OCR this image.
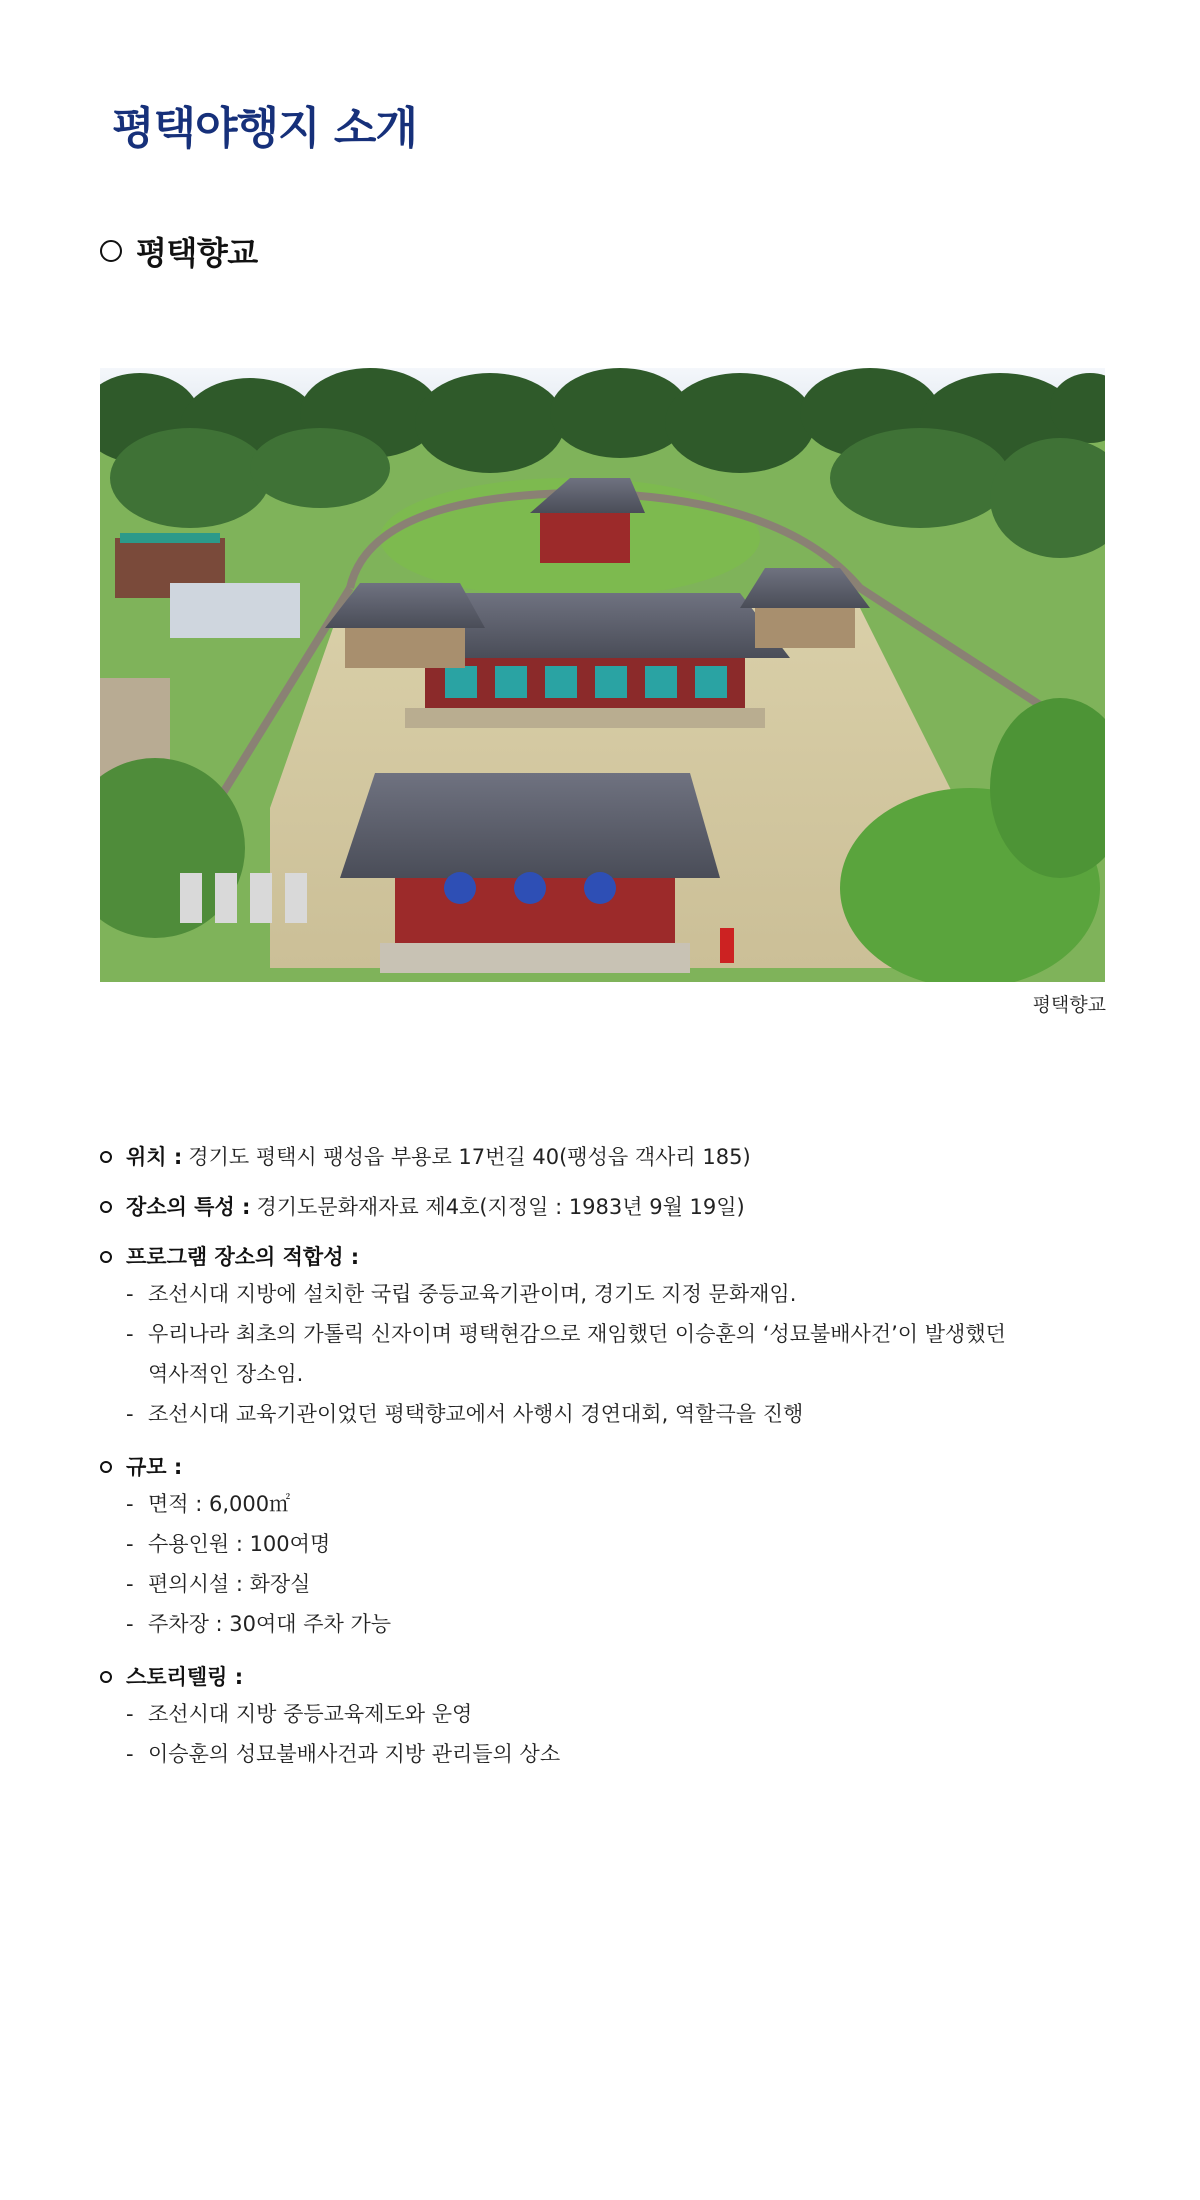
평택야행지 소개
평택향교
평택향교
위치 : 경기도 평택시 팽성읍 부용로 17번길 40(팽성읍 객사리 185)
장소의 특성 : 경기도문화재자료 제4호(지정일 : 1983년 9월 19일)
프로그램 장소의 적합성 :
- 조선시대 지방에 설치한 국립 중등교육기관이며, 경기도 지정 문화재임.
- 우리나라 최초의 가톨릭 신자이며 평택현감으로 재임했던 이승훈의 ‘성묘불배사건’이 발생했던
역사적인 장소임.
- 조선시대 교육기관이었던 평택향교에서 사행시 경연대회, 역할극을 진행
규모 :
- 면적 : 6,000㎡
- 수용인원 : 100여명
- 편의시설 : 화장실
- 주차장 : 30여대 주차 가능
스토리텔링 :
- 조선시대 지방 중등교육제도와 운영
- 이승훈의 성묘불배사건과 지방 관리들의 상소
